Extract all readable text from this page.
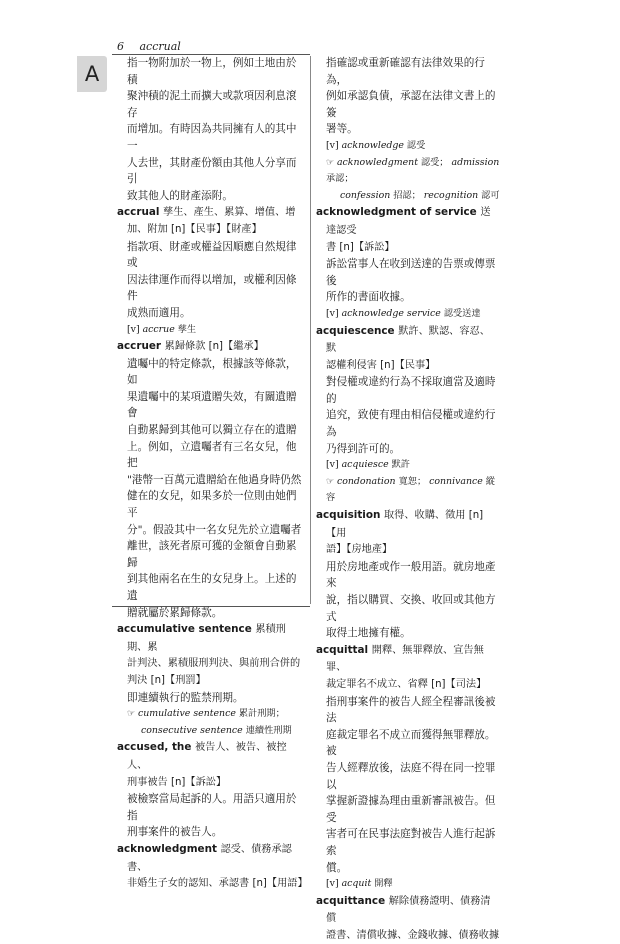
A
6 accrual
指一物附加於一物上，例如土地由於積
聚沖積的泥土而擴大或款項因利息滾存
而增加。有時因為共同擁有人的其中一
人去世，其財產份額由其他人分享而引
致其他人的財產添附。
accrual 孳生、產生、累算、增值、增
加、附加 [n]【民事】【財產】
指款項、財產或權益因順應自然規律或
因法律運作而得以增加，或權利因條件
成熟而適用。
[v] accrue 孳生
accruer 累歸條款 [n]【繼承】
遺囑中的特定條款，根據該等條款，如
果遺囑中的某項遺贈失效，有關遺贈會
自動累歸到其他可以獨立存在的遺贈
上。例如，立遺囑者有三名女兒，他把
"港幣一百萬元遺贈給在他過身時仍然
健在的女兒，如果多於一位則由她們平
分"。假設其中一名女兒先於立遺囑者
離世，該死者原可獲的金額會自動累歸
到其他兩名在生的女兒身上。上述的遺
贈就屬於累歸條款。
accumulative sentence 累積刑期、累
計判決、累積服刑判決、與前刑合併的
判決 [n]【刑罰】
即連續執行的監禁刑期。
☞ cumulative sentence 累計刑期；
consecutive sentence 連續性刑期
accused, the 被告人、被告、被控人、
刑事被告 [n]【訴訟】
被檢察當局起訴的人。用語只適用於指
刑事案件的被告人。
acknowledgment 認受、債務承認書、
非婚生子女的認知、承認書 [n]【用語】
指確認或重新確認有法律效果的行為，
例如承認負債，承認在法律文書上的簽
署等。
[v] acknowledge 認受
☞ acknowledgment 認受； admission 承認；
confession 招認； recognition 認可
acknowledgment of service 送達認受
書 [n]【訴訟】
訴訟當事人在收到送達的告票或傳票後
所作的書面收據。
[v] acknowledge service 認受送達
acquiescence 默許、默認、容忍、默
認權利侵害 [n]【民事】
對侵權或違約行為不採取適當及適時的
追究，致使有理由相信侵權或違約行為
乃得到許可的。
[v] acquiesce 默許
☞ condonation 寬恕； connivance 縱容
acquisition 取得、收購、徵用 [n]【用
語】【房地產】
用於房地產或作一般用語。就房地產來
說，指以購買、交換、收回或其他方式
取得土地擁有權。
acquittal 開釋、無罪釋放、宣告無罪、
裁定罪名不成立、省釋 [n]【司法】
指刑事案件的被告人經全程審訊後被法
庭裁定罪名不成立而獲得無罪釋放。被
告人經釋放後，法庭不得在同一控罪以
掌握新證據為理由重新審訊被告。但受
害者可在民事法庭對被告人進行起訴索
償。
[v] acquit 開釋
acquittance 解除債務證明、債務清償
證書、清償收據、金錢收據、債務收據
